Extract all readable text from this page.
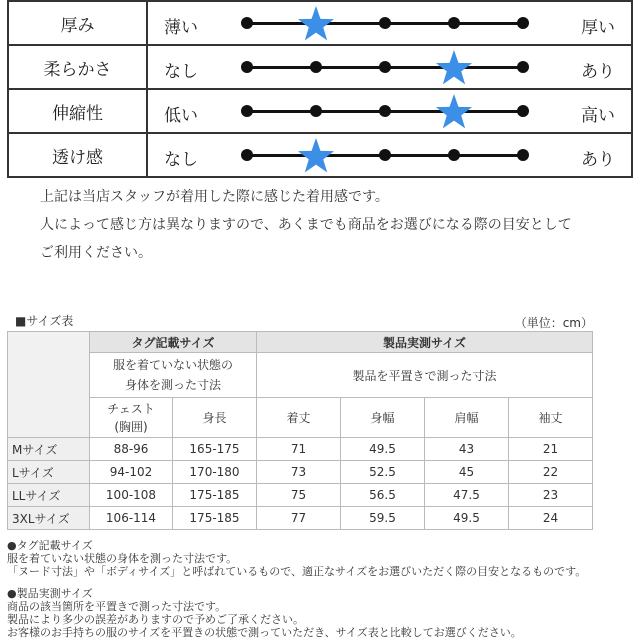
厚み	薄い 厚い

柔らかさ	なし あり

伸縮性	低い 高い

透け感	なし あり
上記は当店スタッフが着用した際に感じた着用感です。
人によって感じ方は異なりますので、あくまでも商品をお選びになる際の目安として
ご利用ください。
■サイズ表	（単位：cm）
	タグ記載サイズ		製品実測サイズ			

	服を着ていない状態の身体を測った寸法		製品を平置きで測った寸法			

	チェスト(胸囲)	身長	着丈	身幅	肩幅	袖丈
Mサイズ	88-96	165-175	71	49.5	43	21
Lサイズ	94-102	170-180	73	52.5	45	22
LLサイズ	100-108	175-185	75	56.5	47.5	23
3XLサイズ	106-114	175-185	77	59.5	49.5	24
●タグ記載サイズ
服を着ていない状態の身体を測った寸法です。
「ヌード寸法」や「ボディサイズ」と呼ばれているもので、適正なサイズをお選びいただく際の目安となるものです。
●製品実測サイズ
商品の該当箇所を平置きで測った寸法です。
製品により多少の誤差がありますので予めご了承ください。
お客様のお手持ちの服のサイズを平置きの状態で測っていただき、サイズ表と比較してお選びください。
